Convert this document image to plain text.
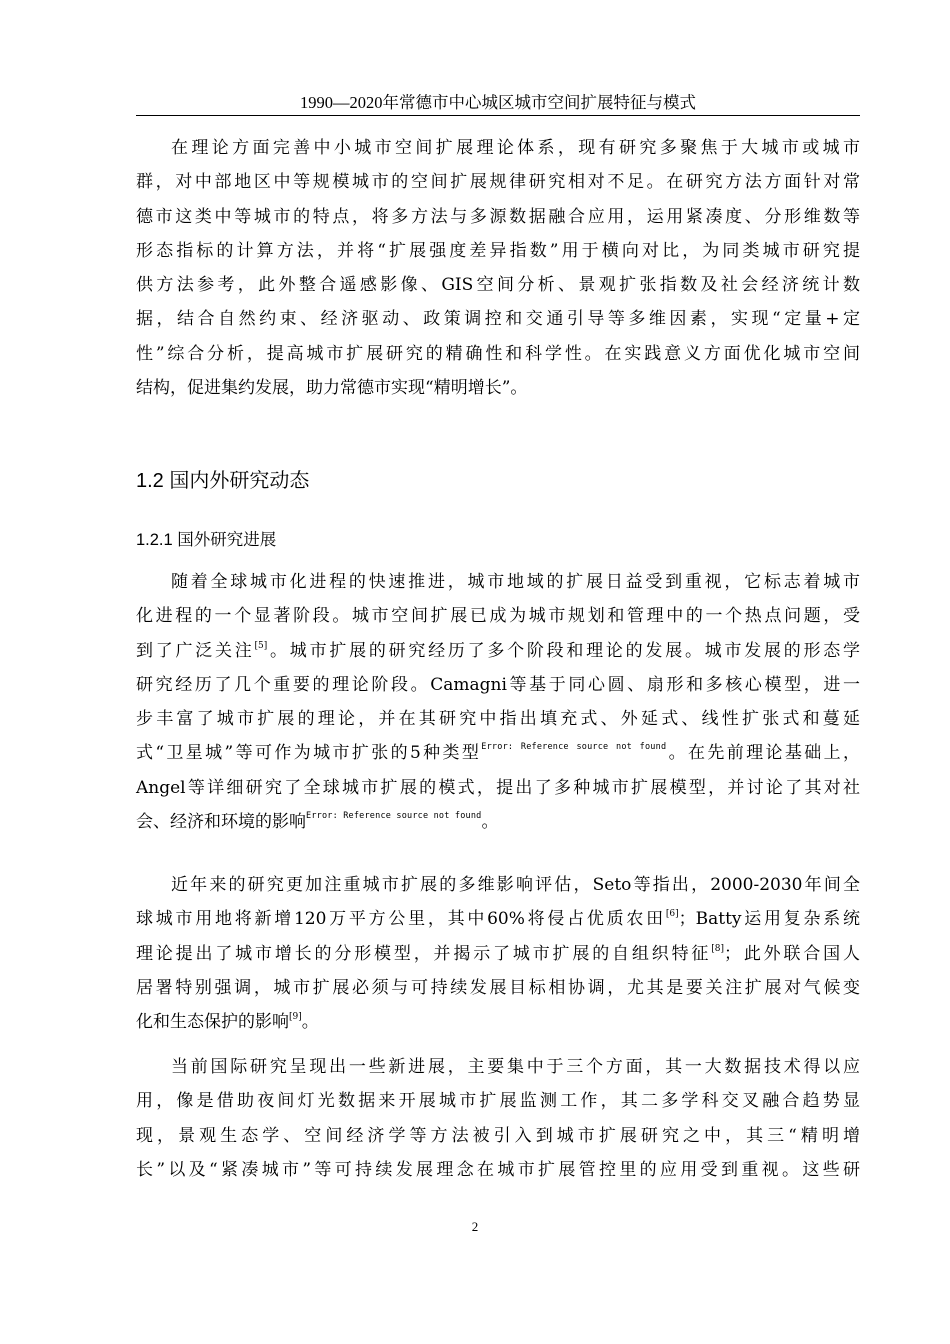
1990—2020年常德市中心城区城市空间扩展特征与模式
在理论方面完善中小城市空间扩展理论体系，现有研究多聚焦于大城市或城市
群，对中部地区中等规模城市的空间扩展规律研究相对不足。在研究方法方面针对常
德市这类中等城市的特点，将多方法与多源数据融合应用，运用紧凑度、分形维数等
形态指标的计算方法，并将“扩展强度差异指数”用于横向对比，为同类城市研究提
供方法参考，此外整合遥感影像、GIS空间分析、景观扩张指数及社会经济统计数
据，结合自然约束、经济驱动、政策调控和交通引导等多维因素，实现“定量+定
性”综合分析，提高城市扩展研究的精确性和科学性。在实践意义方面优化城市空间
结构，促进集约发展，助力常德市实现“精明增长”。
1.2 国内外研究动态
1.2.1 国外研究进展
随着全球城市化进程的快速推进，城市地域的扩展日益受到重视，它标志着城市
化进程的一个显著阶段。城市空间扩展已成为城市规划和管理中的一个热点问题，受
到了广泛关注[5]。城市扩展的研究经历了多个阶段和理论的发展。城市发展的形态学
研究经历了几个重要的理论阶段。Camagni等基于同心圆、扇形和多核心模型，进一
步丰富了城市扩展的理论，并在其研究中指出填充式、外延式、线性扩张式和蔓延
式“卫星城”等可作为城市扩张的5种类型$^{Error: Reference source not found}$。在先前理论基础上，
Angel等详细研究了全球城市扩展的模式，提出了多种城市扩展模型，并讨论了其对社
会、经济和环境的影响$^{Error: Reference source not found}$。
近年来的研究更加注重城市扩展的多维影响评估，Seto等指出，2000-2030年间全
球城市用地将新增120万平方公里，其中60%将侵占优质农田[6]；Batty运用复杂系统
理论提出了城市增长的分形模型，并揭示了城市扩展的自组织特征[8]；此外联合国人
居署特别强调，城市扩展必须与可持续发展目标相协调，尤其是要关注扩展对气候变
化和生态保护的影响[9]。
当前国际研究呈现出一些新进展，主要集中于三个方面，其一大数据技术得以应
用，像是借助夜间灯光数据来开展城市扩展监测工作，其二多学科交叉融合趋势显
现，景观生态学、空间经济学等方法被引入到城市扩展研究之中，其三“精明增
长”以及“紧凑城市”等可持续发展理念在城市扩展管控里的应用受到重视。这些研
2
